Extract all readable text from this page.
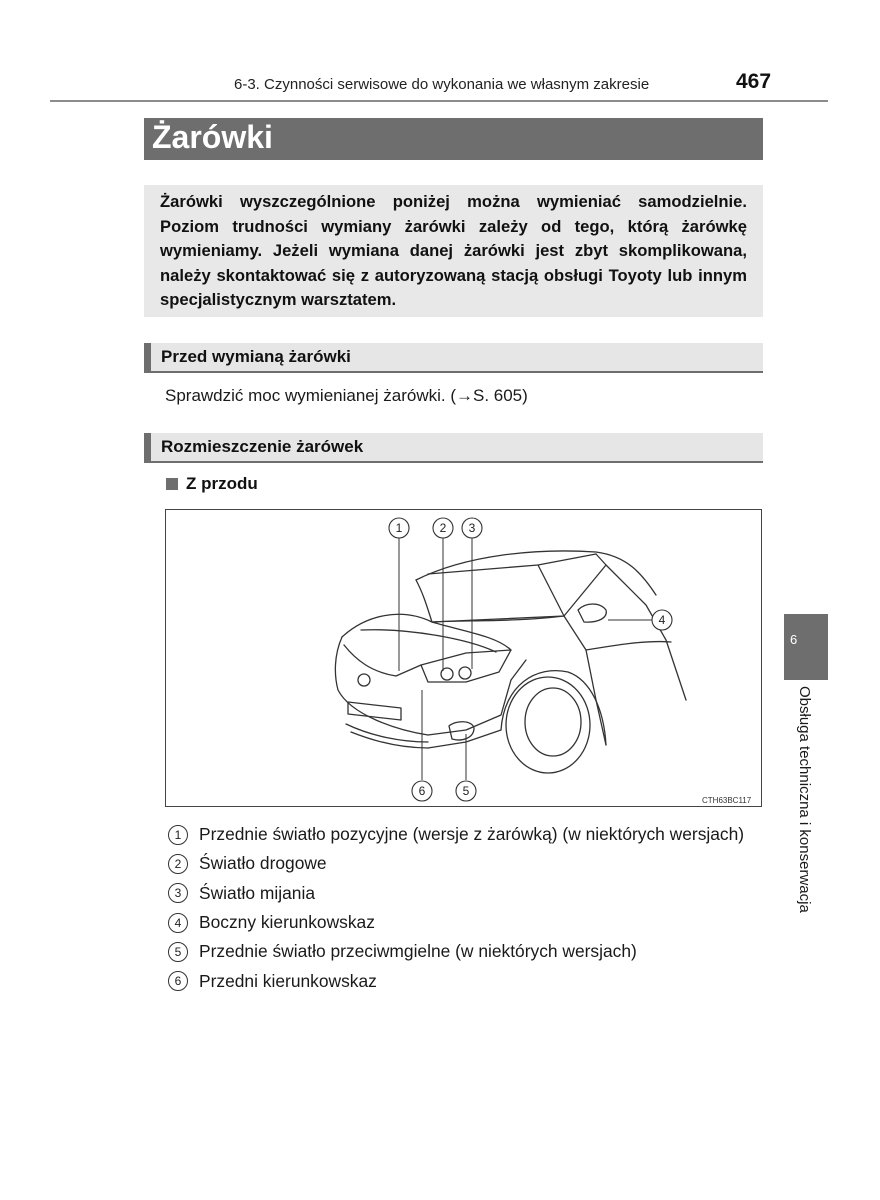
6-3. Czynności serwisowe do wykonania we własnym zakresie	467
Żarówki
Żarówki wyszczególnione poniżej można wymieniać samodzielnie. Poziom trudności wymiany żarówki zależy od tego, którą żarówkę wymieniamy. Jeżeli wymiana danej żarówki jest zbyt skomplikowana, należy skontaktować się z autoryzowaną stacją obsługi Toyoty lub innym specjalistycznym warsztatem.
Przed wymianą żarówki
Sprawdzić moc wymienianej żarówki. (→S. 605)
Rozmieszczenie żarówek
Z przodu
1	2 3
4
5
6
CTH63BC117
1	Przednie światło pozycyjne (wersje z żarówką) (w niektórych wersjach)
2	Światło drogowe
3	Światło mijania
4	Boczny kierunkowskaz
5	Przednie światło przeciwmgielne (w niektórych wersjach)
6	Przedni kierunkowskaz
6
Obsługa techniczna i konserwacja
